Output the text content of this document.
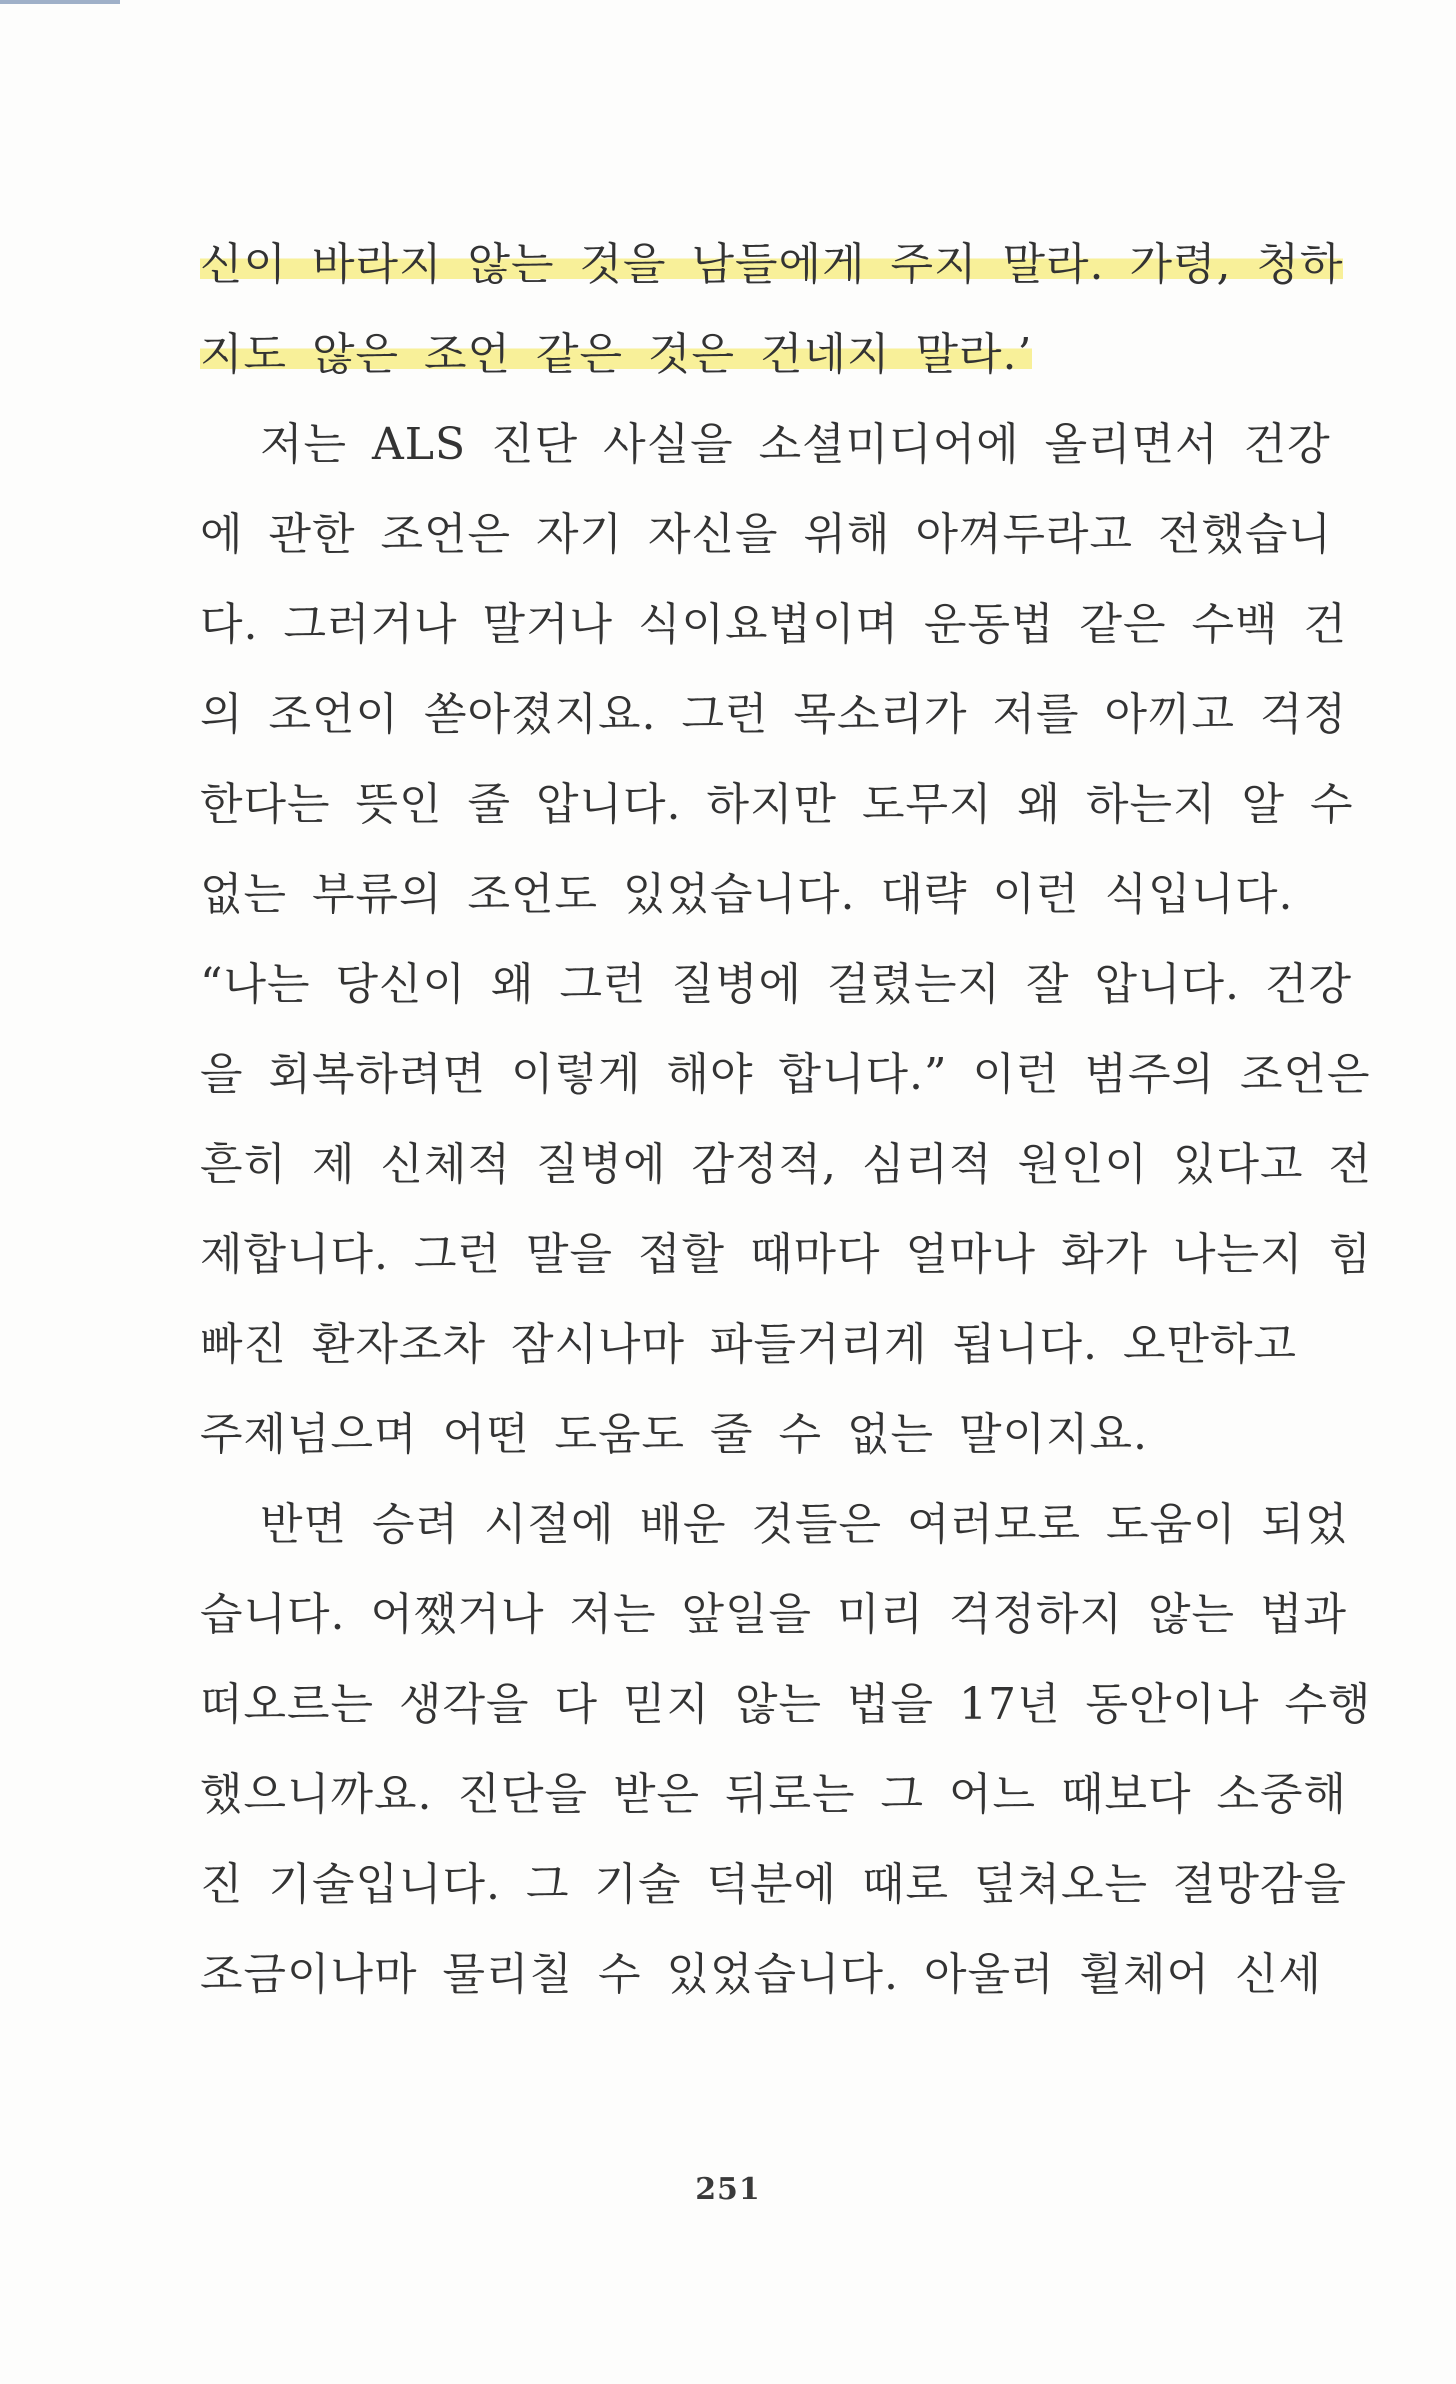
신이 바라지 않는 것을 남들에게 주지 말라. 가령, 청하
지도 않은 조언 같은 것은 건네지 말라.’
저는 ALS 진단 사실을 소셜미디어에 올리면서 건강
에 관한 조언은 자기 자신을 위해 아껴두라고 전했습니
다. 그러거나 말거나 식이요법이며 운동법 같은 수백 건
의 조언이 쏟아졌지요. 그런 목소리가 저를 아끼고 걱정
한다는 뜻인 줄 압니다. 하지만 도무지 왜 하는지 알 수
없는 부류의 조언도 있었습니다. 대략 이런 식입니다.
“나는 당신이 왜 그런 질병에 걸렸는지 잘 압니다. 건강
을 회복하려면 이렇게 해야 합니다.” 이런 범주의 조언은
흔히 제 신체적 질병에 감정적, 심리적 원인이 있다고 전
제합니다. 그런 말을 접할 때마다 얼마나 화가 나는지 힘
빠진 환자조차 잠시나마 파들거리게 됩니다. 오만하고
주제넘으며 어떤 도움도 줄 수 없는 말이지요.
반면 승려 시절에 배운 것들은 여러모로 도움이 되었
습니다. 어쨌거나 저는 앞일을 미리 걱정하지 않는 법과
떠오르는 생각을 다 믿지 않는 법을 17년 동안이나 수행
했으니까요. 진단을 받은 뒤로는 그 어느 때보다 소중해
진 기술입니다. 그 기술 덕분에 때로 덮쳐오는 절망감을
조금이나마 물리칠 수 있었습니다. 아울러 휠체어 신세
251
